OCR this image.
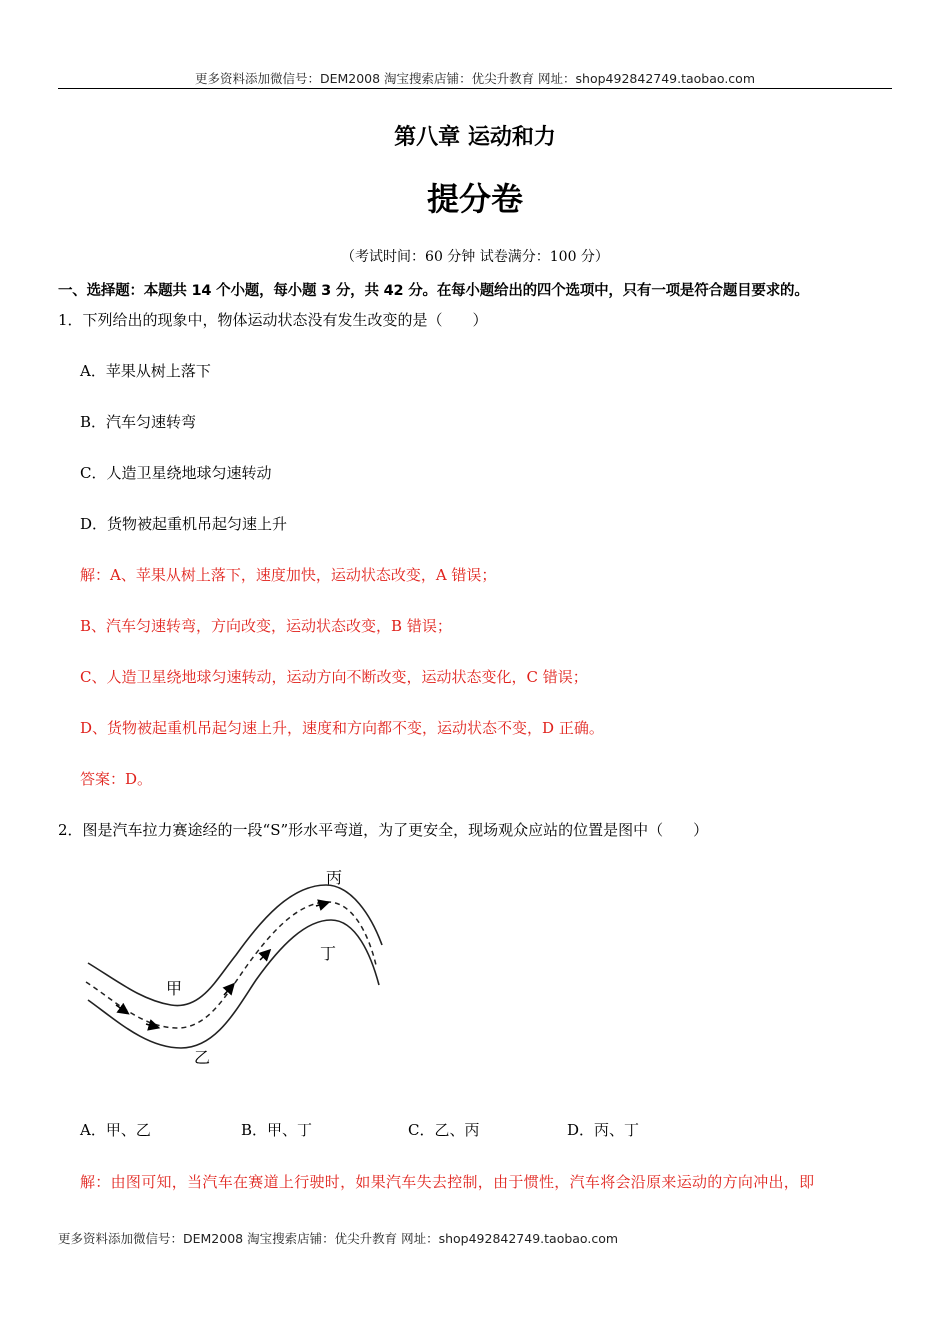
更多资料添加微信号：DEM2008 淘宝搜索店铺：优尖升教育 网址：shop492842749.taobao.com
第八章 运动和力
提分卷
（考试时间：60 分钟 试卷满分：100 分）
一、选择题：本题共 14 个小题，每小题 3 分，共 42 分。在每小题给出的四个选项中，只有一项是符合题目要求的。
1．下列给出的现象中，物体运动状态没有发生改变的是（　　）
A．苹果从树上落下
B．汽车匀速转弯
C．人造卫星绕地球匀速转动
D．货物被起重机吊起匀速上升
解：A、苹果从树上落下，速度加快，运动状态改变，A 错误；
B、汽车匀速转弯，方向改变，运动状态改变，B 错误；
C、人造卫星绕地球匀速转动，运动方向不断改变，运动状态变化，C 错误；
D、货物被起重机吊起匀速上升，速度和方向都不变，运动状态不变，D 正确。
答案：D。
2．图是汽车拉力赛途经的一段“S”形水平弯道，为了更安全，现场观众应站的位置是图中（　　）
甲
乙
丙
丁
A．甲、乙	B．甲、丁	C．乙、丙	D．丙、丁
解：由图可知，当汽车在赛道上行驶时，如果汽车失去控制，由于惯性，汽车将会沿原来运动的方向冲出，即
更多资料添加微信号：DEM2008 淘宝搜索店铺：优尖升教育 网址：shop492842749.taobao.com
